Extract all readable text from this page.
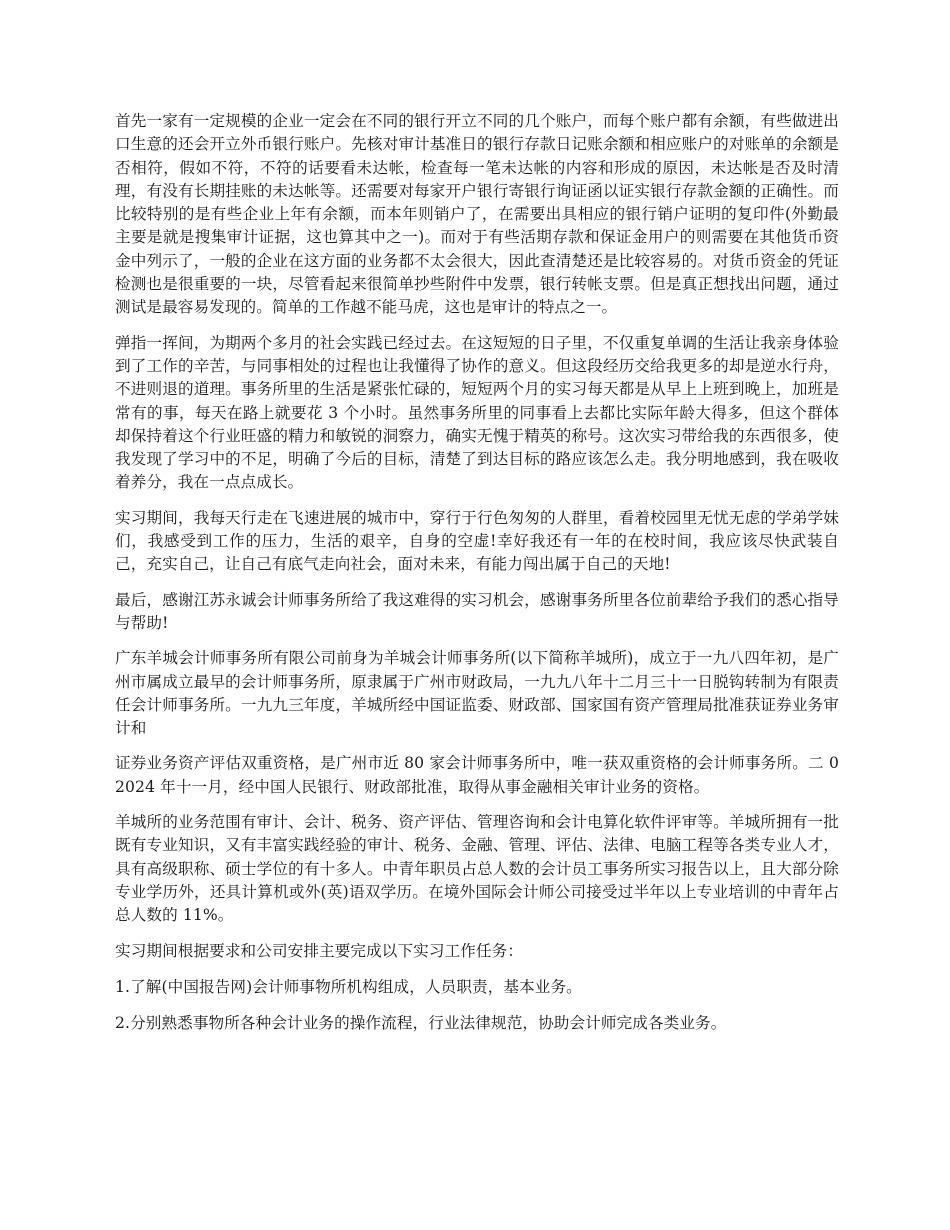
首先一家有一定规模的企业一定会在不同的银行开立不同的几个账户，而每个账户都有余额，有些做进出口生意的还会开立外币银行账户。先核对审计基准日的银行存款日记账余额和相应账户的对账单的余额是否相符，假如不符，不符的话要看未达帐，检查每一笔未达帐的内容和形成的原因，未达帐是否及时清理，有没有长期挂账的未达帐等。还需要对每家开户银行寄银行询证函以证实银行存款金额的正确性。而比较特别的是有些企业上年有余额，而本年则销户了，在需要出具相应的银行销户证明的复印件(外勤最主要是就是搜集审计证据，这也算其中之一)。而对于有些活期存款和保证金用户的则需要在其他货币资金中列示了，一般的企业在这方面的业务都不太会很大，因此查清楚还是比较容易的。对货币资金的凭证检测也是很重要的一块，尽管看起来很简单抄些附件中发票，银行转帐支票。但是真正想找出问题，通过测试是最容易发现的。简单的工作越不能马虎，这也是审计的特点之一。

弹指一挥间，为期两个多月的社会实践已经过去。在这短短的日子里，不仅重复单调的生活让我亲身体验到了工作的辛苦，与同事相处的过程也让我懂得了协作的意义。但这段经历交给我更多的却是逆水行舟，不进则退的道理。事务所里的生活是紧张忙碌的，短短两个月的实习每天都是从早上上班到晚上，加班是常有的事，每天在路上就要花 3 个小时。虽然事务所里的同事看上去都比实际年龄大得多，但这个群体却保持着这个行业旺盛的精力和敏锐的洞察力，确实无愧于精英的称号。这次实习带给我的东西很多，使我发现了学习中的不足，明确了今后的目标，清楚了到达目标的路应该怎么走。我分明地感到，我在吸收着养分，我在一点点成长。

实习期间，我每天行走在飞速进展的城市中，穿行于行色匆匆的人群里，看着校园里无忧无虑的学弟学妹们，我感受到工作的压力，生活的艰辛，自身的空虚!幸好我还有一年的在校时间，我应该尽快武装自己，充实自己，让自己有底气走向社会，面对未来，有能力闯出属于自己的天地!

最后，感谢江苏永诚会计师事务所给了我这难得的实习机会，感谢事务所里各位前辈给予我们的悉心指导与帮助!

广东羊城会计师事务所有限公司前身为羊城会计师事务所(以下简称羊城所)，成立于一九八四年初，是广州市属成立最早的会计师事务所，原隶属于广州市财政局，一九九八年十二月三十一日脱钩转制为有限责任会计师事务所。一九九三年度，羊城所经中国证监委、财政部、国家国有资产管理局批准获证券业务审计和

证券业务资产评估双重资格，是广州市近 80 家会计师事务所中，唯一获双重资格的会计师事务所。二 02024 年十一月，经中国人民银行、财政部批准，取得从事金融相关审计业务的资格。

羊城所的业务范围有审计、会计、税务、资产评估、管理咨询和会计电算化软件评审等。羊城所拥有一批既有专业知识，又有丰富实践经验的审计、税务、金融、管理、评估、法律、电脑工程等各类专业人才，具有高级职称、硕士学位的有十多人。中青年职员占总人数的会计员工事务所实习报告以上，且大部分除专业学历外，还具计算机或外(英)语双学历。在境外国际会计师公司接受过半年以上专业培训的中青年占总人数的 11%。

实习期间根据要求和公司安排主要完成以下实习工作任务：

1.了解(中国报告网)会计师事物所机构组成，人员职责，基本业务。

2.分别熟悉事物所各种会计业务的操作流程，行业法律规范，协助会计师完成各类业务。
